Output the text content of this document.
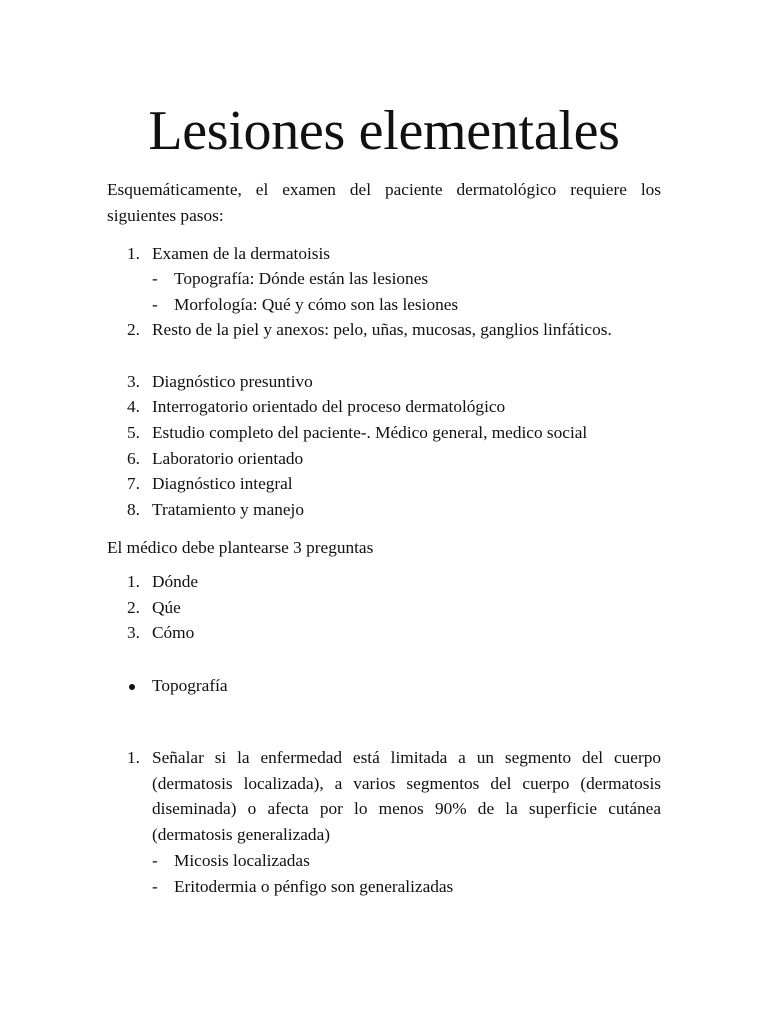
Lesiones elementales
Esquemáticamente, el examen del paciente dermatológico requiere los siguientes pasos:
1. Examen de la dermatoisis
- Topografía: Dónde están las lesiones
- Morfología: Qué y cómo son las lesiones
2. Resto de la piel y anexos: pelo, uñas, mucosas, ganglios linfáticos.
3. Diagnóstico presuntivo
4. Interrogatorio orientado del proceso dermatológico
5. Estudio completo del paciente-. Médico general, medico social
6. Laboratorio orientado
7. Diagnóstico integral
8. Tratamiento y manejo
El médico debe plantearse 3 preguntas
1. Dónde
2. Qúe
3. Cómo
Topografía
1. Señalar si la enfermedad está limitada a un segmento del cuerpo (dermatosis localizada), a varios segmentos del cuerpo (dermatosis diseminada) o afecta por lo menos 90% de la superficie cutánea (dermatosis generalizada)
- Micosis localizadas
- Eritodermia o pénfigo son generalizadas
